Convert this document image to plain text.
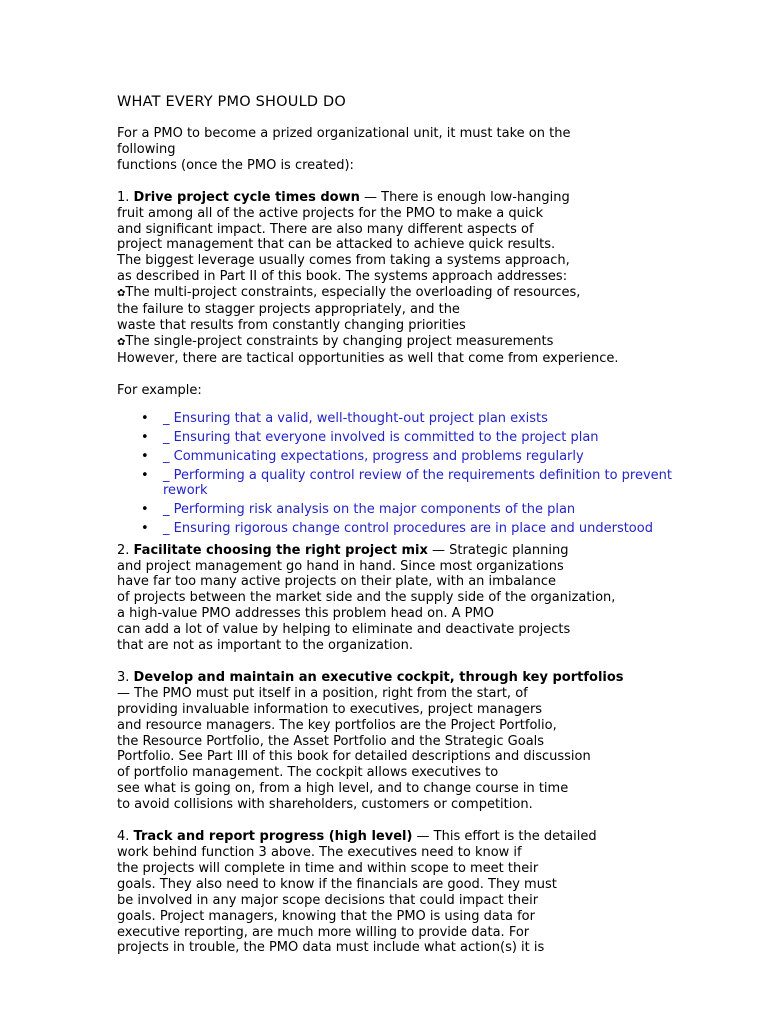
WHAT EVERY PMO SHOULD DO
For a PMO to become a prized organizational unit, it must take on the
following
functions (once the PMO is created):
1. Drive project cycle times down — There is enough low-hanging
fruit among all of the active projects for the PMO to make a quick
and significant impact. There are also many different aspects of
project management that can be attacked to achieve quick results.
The biggest leverage usually comes from taking a systems approach,
as described in Part II of this book. The systems approach addresses:
✿The multi-project constraints, especially the overloading of resources,
the failure to stagger projects appropriately, and the
waste that results from constantly changing priorities
✿The single-project constraints by changing project measurements
However, there are tactical opportunities as well that come from experience.
For example:
• _ Ensuring that a valid, well-thought-out project plan exists
• _ Ensuring that everyone involved is committed to the project plan
• _ Communicating expectations, progress and problems regularly
• _ Performing a quality control review of the requirements definition to prevent rework
• _ Performing risk analysis on the major components of the plan
• _ Ensuring rigorous change control procedures are in place and understood
2. Facilitate choosing the right project mix — Strategic planning
and project management go hand in hand. Since most organizations
have far too many active projects on their plate, with an imbalance
of projects between the market side and the supply side of the organization,
a high-value PMO addresses this problem head on. A PMO
can add a lot of value by helping to eliminate and deactivate projects
that are not as important to the organization.
3. Develop and maintain an executive cockpit, through key portfolios
— The PMO must put itself in a position, right from the start, of
providing invaluable information to executives, project managers
and resource managers. The key portfolios are the Project Portfolio,
the Resource Portfolio, the Asset Portfolio and the Strategic Goals
Portfolio. See Part III of this book for detailed descriptions and discussion
of portfolio management. The cockpit allows executives to
see what is going on, from a high level, and to change course in time
to avoid collisions with shareholders, customers or competition.
4. Track and report progress (high level) — This effort is the detailed
work behind function 3 above. The executives need to know if
the projects will complete in time and within scope to meet their
goals. They also need to know if the financials are good. They must
be involved in any major scope decisions that could impact their
goals. Project managers, knowing that the PMO is using data for
executive reporting, are much more willing to provide data. For
projects in trouble, the PMO data must include what action(s) it is
